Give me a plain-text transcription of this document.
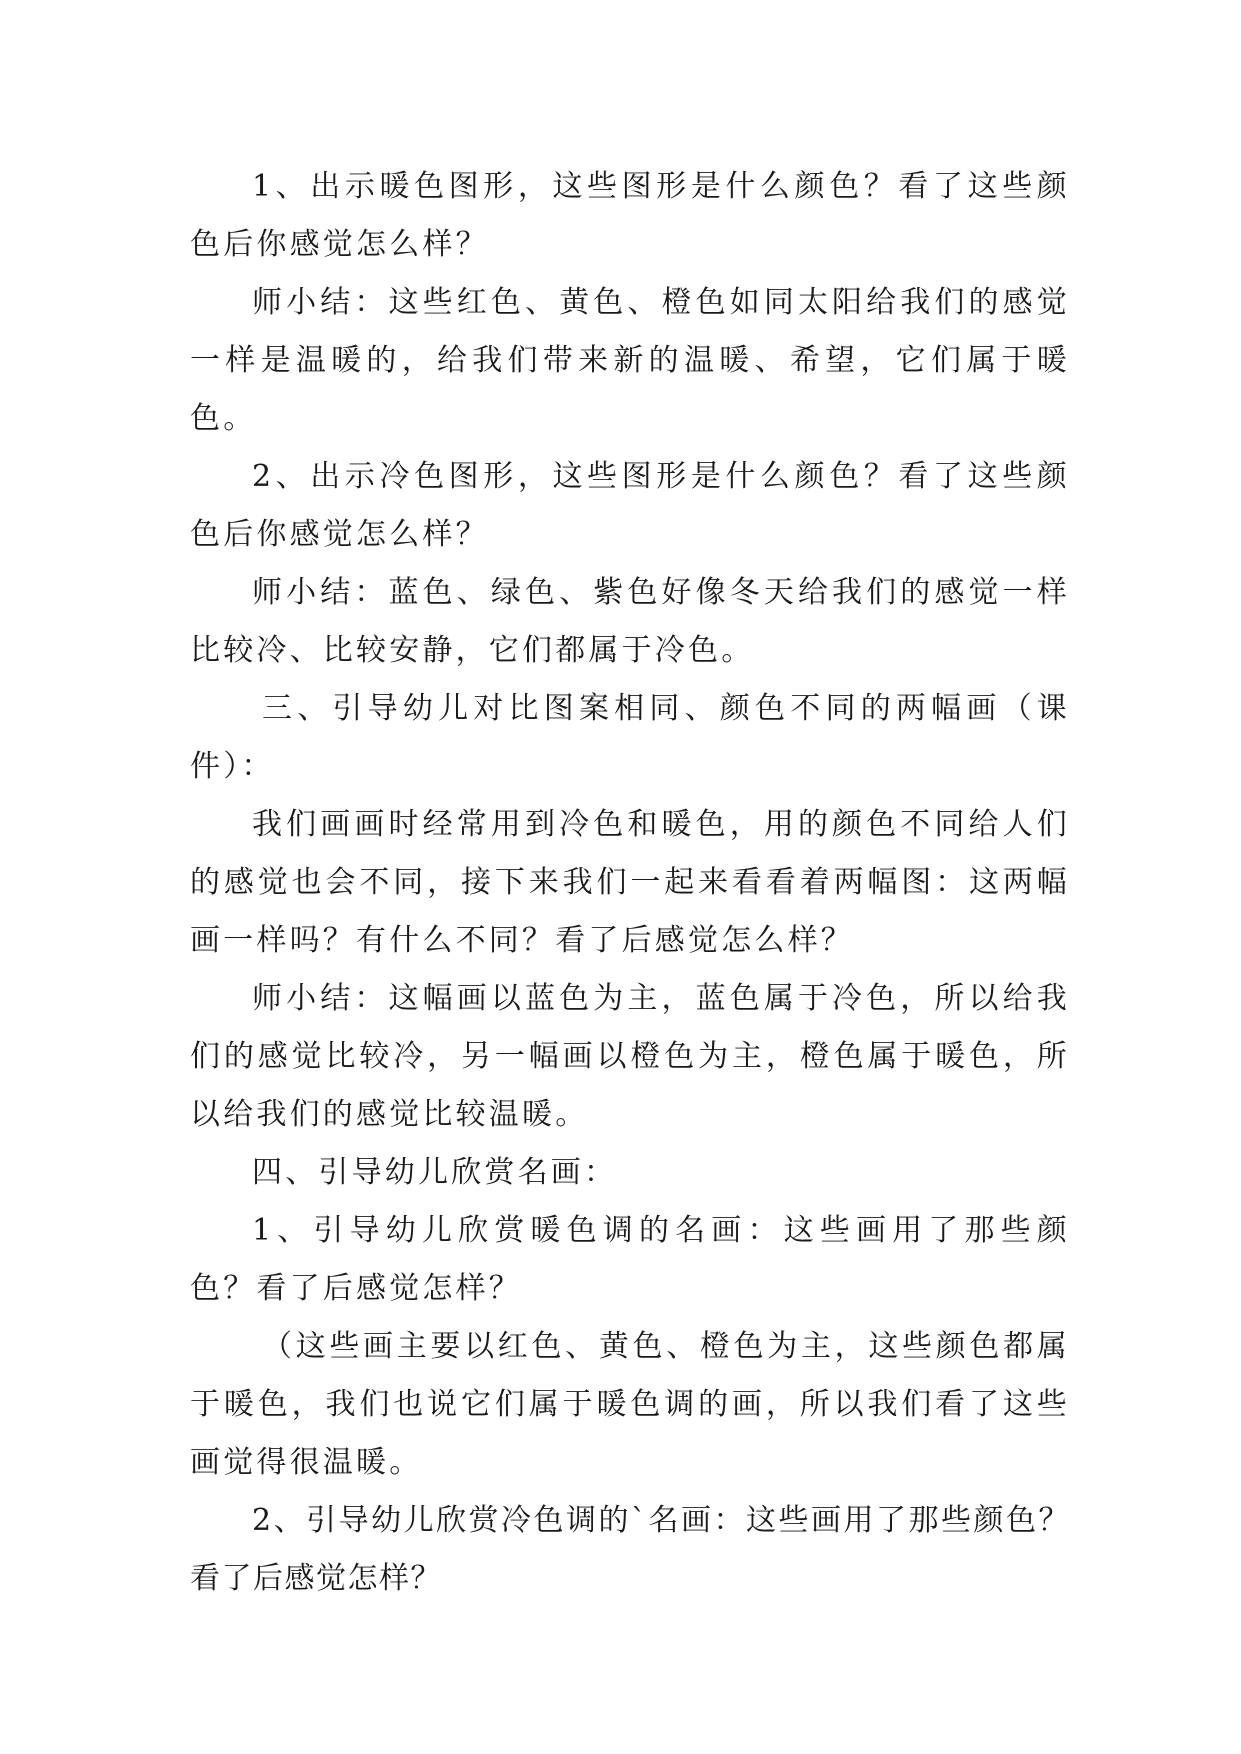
1、出示暖色图形，这些图形是什么颜色？看了这些颜色后你感觉怎么样？

师小结：这些红色、黄色、橙色如同太阳给我们的感觉一样是温暖的，给我们带来新的温暖、希望，它们属于暖色。

2、出示冷色图形，这些图形是什么颜色？看了这些颜色后你感觉怎么样？

师小结：蓝色、绿色、紫色好像冬天给我们的感觉一样比较冷、比较安静，它们都属于冷色。

三、引导幼儿对比图案相同、颜色不同的两幅画（课件）：

我们画画时经常用到冷色和暖色，用的颜色不同给人们的感觉也会不同，接下来我们一起来看看着两幅图：这两幅画一样吗？有什么不同？看了后感觉怎么样？

师小结：这幅画以蓝色为主，蓝色属于冷色，所以给我们的感觉比较冷，另一幅画以橙色为主，橙色属于暖色，所以给我们的感觉比较温暖。

四、引导幼儿欣赏名画：

1、引导幼儿欣赏暖色调的名画：这些画用了那些颜色？看了后感觉怎样？

（这些画主要以红色、黄色、橙色为主，这些颜色都属于暖色，我们也说它们属于暖色调的画，所以我们看了这些画觉得很温暖。

2、引导幼儿欣赏冷色调的`名画：这些画用了那些颜色？看了后感觉怎样？
